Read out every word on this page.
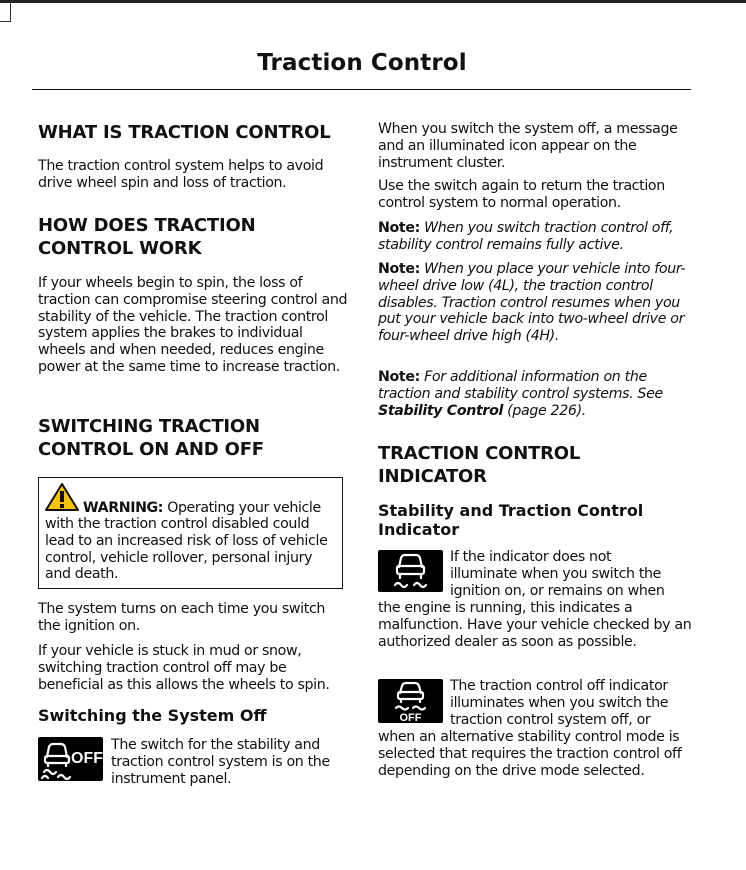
Traction Control
WHAT IS TRACTION CONTROL
The traction control system helps to avoid drive wheel spin and loss of traction.
HOW DOES TRACTION
CONTROL WORK
If your wheels begin to spin, the loss of traction can compromise steering control and stability of the vehicle. The traction control system applies the brakes to individual wheels and when needed, reduces engine power at the same time to increase traction.
SWITCHING TRACTION
CONTROL ON AND OFF
WARNING: Operating your vehicle
with the traction control disabled could lead to an increased risk of loss of vehicle control, vehicle rollover, personal injury and death.
The system turns on each time you switch the ignition on.
If your vehicle is stuck in mud or snow, switching traction control off may be beneficial as this allows the wheels to spin.
Switching the System Off
OFF
The switch for the stability and traction control system is on the instrument panel.
When you switch the system off, a message and an illuminated icon appear on the instrument cluster.
Use the switch again to return the traction control system to normal operation.
Note: When you switch traction control off, stability control remains fully active.
Note: When you place your vehicle into four-wheel drive low (4L), the traction control disables. Traction control resumes when you put your vehicle back into two-wheel drive or four-wheel drive high (4H).
Note: For additional information on the traction and stability control systems. See Stability Control (page 226).
TRACTION CONTROL
INDICATOR
Stability and Traction Control
Indicator
If the indicator does not
illuminate when you switch the
ignition on, or remains on when
the engine is running, this indicates a malfunction. Have your vehicle checked by an authorized dealer as soon as possible.
OFF
The traction control off indicator
illuminates when you switch the
traction control system off, or
when an alternative stability control mode is selected that requires the traction control off depending on the drive mode selected.
